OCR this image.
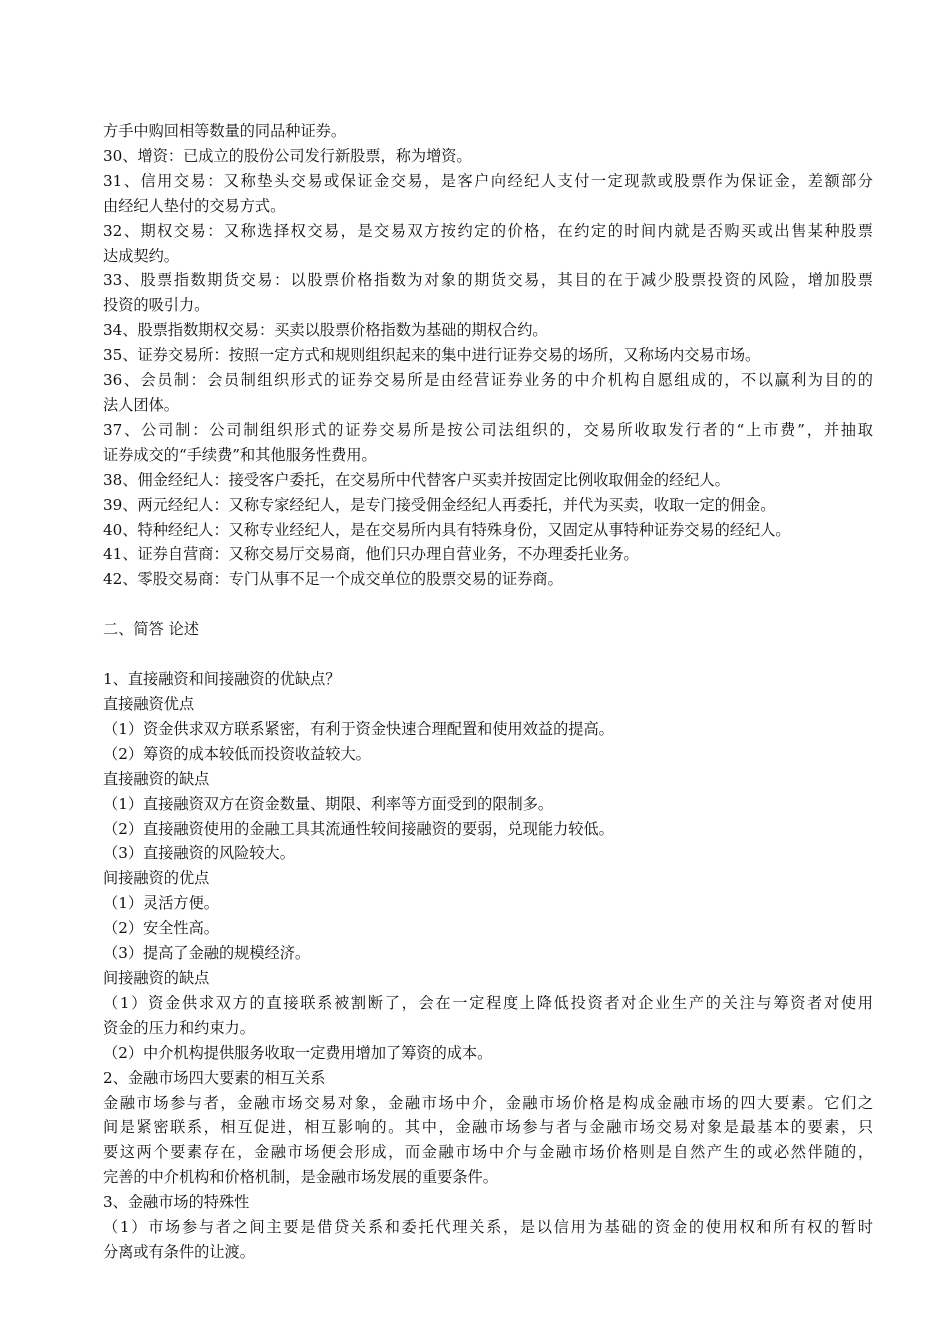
方手中购回相等数量的同品种证券。

30、增资：已成立的股份公司发行新股票，称为增资。

31、信用交易：又称垫头交易或保证金交易，是客户向经纪人支付一定现款或股票作为保证金，差额部分

由经纪人垫付的交易方式。

32、期权交易：又称选择权交易，是交易双方按约定的价格，在约定的时间内就是否购买或出售某种股票

达成契约。

33、股票指数期货交易：以股票价格指数为对象的期货交易，其目的在于减少股票投资的风险，增加股票

投资的吸引力。

34、股票指数期权交易：买卖以股票价格指数为基础的期权合约。

35、证券交易所：按照一定方式和规则组织起来的集中进行证券交易的场所，又称场内交易市场。

36、会员制：会员制组织形式的证券交易所是由经营证券业务的中介机构自愿组成的，不以赢利为目的的

法人团体。

37、公司制：公司制组织形式的证券交易所是按公司法组织的，交易所收取发行者的“上市费”，并抽取

证券成交的“手续费”和其他服务性费用。

38、佣金经纪人：接受客户委托，在交易所中代替客户买卖并按固定比例收取佣金的经纪人。

39、两元经纪人：又称专家经纪人，是专门接受佣金经纪人再委托，并代为买卖，收取一定的佣金。

40、特种经纪人：又称专业经纪人，是在交易所内具有特殊身份，又固定从事特种证券交易的经纪人。

41、证券自营商：又称交易厅交易商，他们只办理自营业务，不办理委托业务。

42、零股交易商：专门从事不足一个成交单位的股票交易的证券商。

二、简答 论述

1、直接融资和间接融资的优缺点？

直接融资优点

（1）资金供求双方联系紧密，有利于资金快速合理配置和使用效益的提高。

（2）筹资的成本较低而投资收益较大。

直接融资的缺点

（1）直接融资双方在资金数量、期限、利率等方面受到的限制多。

（2）直接融资使用的金融工具其流通性较间接融资的要弱，兑现能力较低。

（3）直接融资的风险较大。

间接融资的优点

（1）灵活方便。

（2）安全性高。

（3）提高了金融的规模经济。

间接融资的缺点

（1）资金供求双方的直接联系被割断了，会在一定程度上降低投资者对企业生产的关注与筹资者对使用

资金的压力和约束力。

（2）中介机构提供服务收取一定费用增加了筹资的成本。

2、金融市场四大要素的相互关系

金融市场参与者，金融市场交易对象，金融市场中介，金融市场价格是构成金融市场的四大要素。它们之

间是紧密联系，相互促进，相互影响的。其中，金融市场参与者与金融市场交易对象是最基本的要素，只

要这两个要素存在，金融市场便会形成，而金融市场中介与金融市场价格则是自然产生的或必然伴随的，

完善的中介机构和价格机制，是金融市场发展的重要条件。

3、金融市场的特殊性

（1）市场参与者之间主要是借贷关系和委托代理关系，是以信用为基础的资金的使用权和所有权的暂时

分离或有条件的让渡。
